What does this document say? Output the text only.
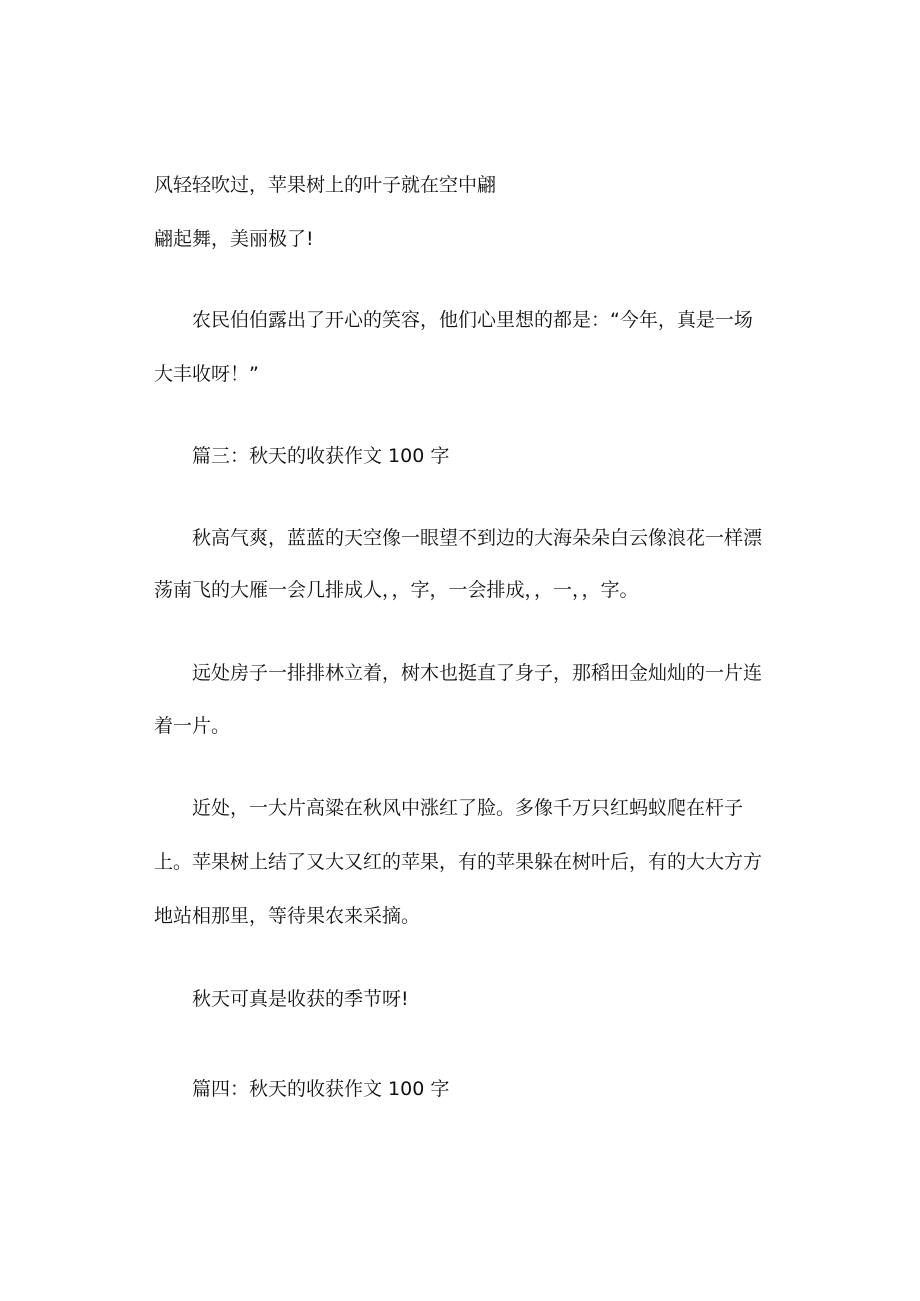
风轻轻吹过，苹果树上的叶子就在空中翩
翩起舞，美丽极了!
农民伯伯露出了开心的笑容，他们心里想的都是：“今年，真是一场
大丰收呀！”
篇三：秋天的收获作文 100 字
秋高气爽，蓝蓝的天空像一眼望不到边的大海朵朵白云像浪花一样漂
荡南飞的大雁一会几排成人，，字，一会排成，，一，，字。
远处房子一排排林立着，树木也挺直了身子，那稻田金灿灿的一片连
着一片。
近处，一大片高粱在秋风中涨红了脸。多像千万只红蚂蚁爬在杆子
上。苹果树上结了又大又红的苹果，有的苹果躲在树叶后，有的大大方方
地站相那里，等待果农来采摘。
秋天可真是收获的季节呀!
篇四：秋天的收获作文 100 字
